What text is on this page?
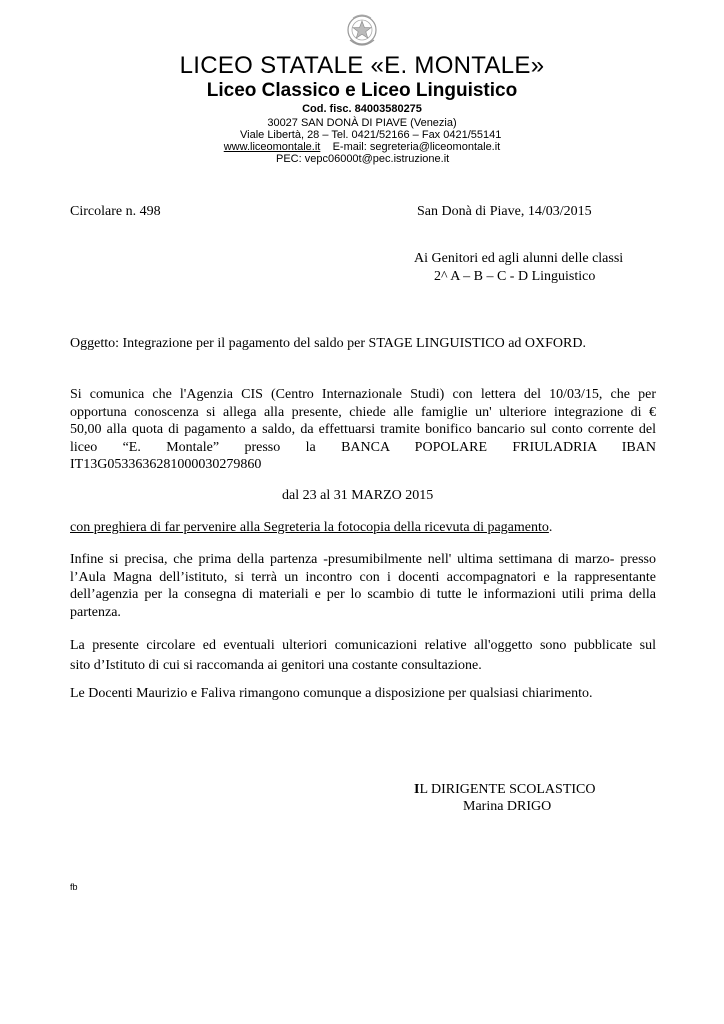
LICEO STATALE «E. MONTALE»
Liceo Classico e Liceo Linguistico
Cod. fisc. 84003580275
30027 SAN DONÀ DI PIAVE (Venezia)
Viale Libertà, 28 – Tel. 0421/52166 – Fax 0421/55141
www.liceomontale.it E-mail: segreteria@liceomontale.it
PEC: vepc06000t@pec.istruzione.it
Circolare n. 498	San Donà di Piave, 14/03/2015
Ai Genitori ed agli alunni delle classi
2^ A – B – C - D Linguistico
Oggetto: Integrazione per il pagamento del saldo per STAGE LINGUISTICO ad OXFORD.
Si comunica che l'Agenzia CIS (Centro Internazionale Studi) con lettera del 10/03/15, che per
opportuna conoscenza si allega alla presente, chiede alle famiglie un' ulteriore integrazione di €
50,00 alla quota di pagamento a saldo, da effettuarsi tramite bonifico bancario sul conto corrente del
liceo “E. Montale” presso la BANCA POPOLARE FRIULADRIA IBAN
IT13G0533636281000030279860
dal 23 al 31 MARZO 2015
con preghiera di far pervenire alla Segreteria la fotocopia della ricevuta di pagamento.
Infine si precisa, che prima della partenza -presumibilmente nell' ultima settimana di marzo- presso
l’Aula Magna dell’istituto, si terrà un incontro con i docenti accompagnatori e la rappresentante
dell’agenzia per la consegna di materiali e per lo scambio di tutte le informazioni utili prima della
partenza.
La presente circolare ed eventuali ulteriori comunicazioni relative all'oggetto sono pubblicate sul
sito d’Istituto di cui si raccomanda ai genitori una costante consultazione.
Le Docenti Maurizio e Faliva rimangono comunque a disposizione per qualsiasi chiarimento.
IL DIRIGENTE SCOLASTICO
Marina DRIGO
fb
